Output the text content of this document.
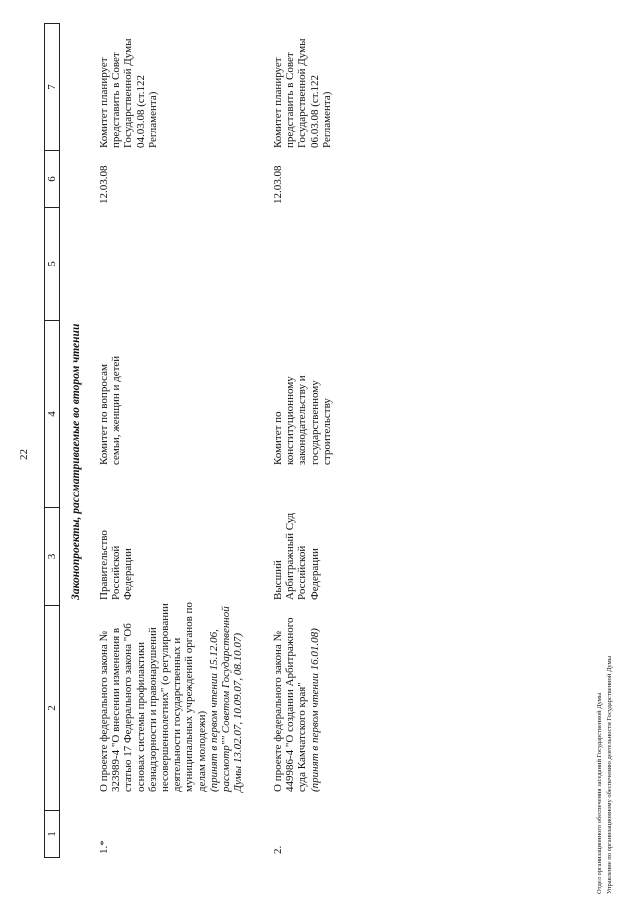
22
1
2
3
4
5
6
7
Законопроекты, рассматриваемые во втором чтении
1.*

О проекте федерального закона № 323989-4 "О внесении изменения в статью 17 Федерального закона "Об основах системы профилактики безнадзорности и правонарушений несовершеннолетних" (о регулировании деятельности государственных и муниципальных учреждений органов по делам молодежи) (принят в первом чтении 15.12.06, рассмотр"" Советом Государственной Думы 13.02.07, 10.09.07, 08.10.07)

Правительство Российской Федерации
Комитет по вопросам семьи, женщин и детей
12.03.08
Комитет планирует представить в Совет Государственной Думы 04.03.08 (ст.122 Регламента)
2.

О проекте федерального закона № 449986-4 "О создании Арбитражного суда Камчатского края" (принят в первом чтении 16.01.08)

Высший Арбитражный Суд Российской Федерации
Комитет по конституционному законодательству и государственному строительству
12.03.08
Комитет планирует представить в Совет Государственной Думы 06.03.08 (ст.122 Регламента)
Отдел организационного обеспечения заседаний Государственной Думы Управление по организационному обеспечению деятельности Государственной Думы
